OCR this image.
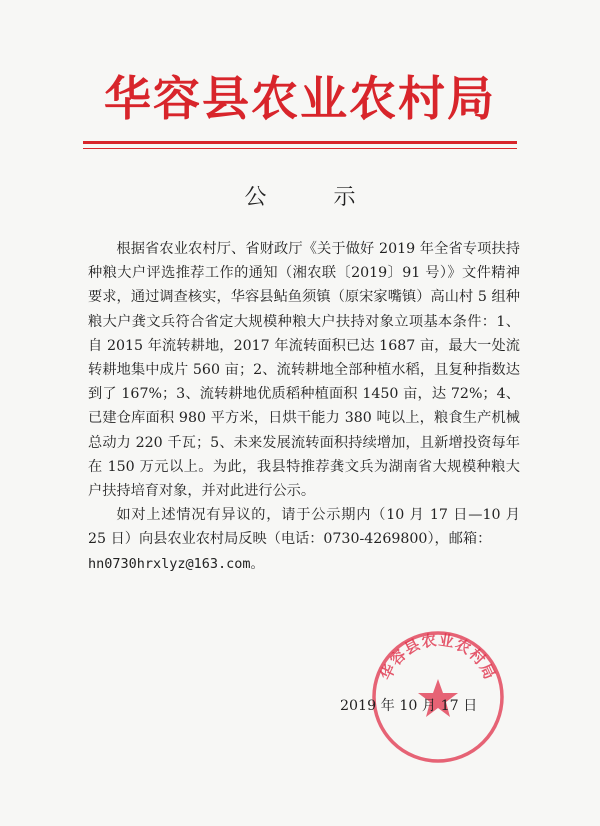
华容县农业农村局
公 示

根据省农业农村厅、省财政厅《关于做好 2019 年全省专项扶持种粮大户评选推荐工作的通知（湘农联〔2019〕91 号）》文件精神要求，通过调查核实，华容县鲇鱼须镇（原宋家嘴镇）高山村 5 组种粮大户龚文兵符合省定大规模种粮大户扶持对象立项基本条件：1、自 2015 年流转耕地，2017 年流转面积已达 1687 亩，最大一处流转耕地集中成片 560 亩；2、流转耕地全部种植水稻，且复种指数达到了 167%；3、流转耕地优质稻种植面积 1450 亩，达 72%；4、已建仓库面积 980 平方米，日烘干能力 380 吨以上，粮食生产机械总动力 220 千瓦；5、未来发展流转面积持续增加，且新增投资每年在 150 万元以上。为此，我县特推荐龚文兵为湖南省大规模种粮大户扶持培育对象，并对此进行公示。

如对上述情况有异议的，请于公示期内（10 月 17 日—10 月 25 日）向县农业农村局反映（电话：0730-4269800），邮箱：

hn0730hrxlyz@163.com。

华容县农业农村局
2019 年 10 月 17 日
